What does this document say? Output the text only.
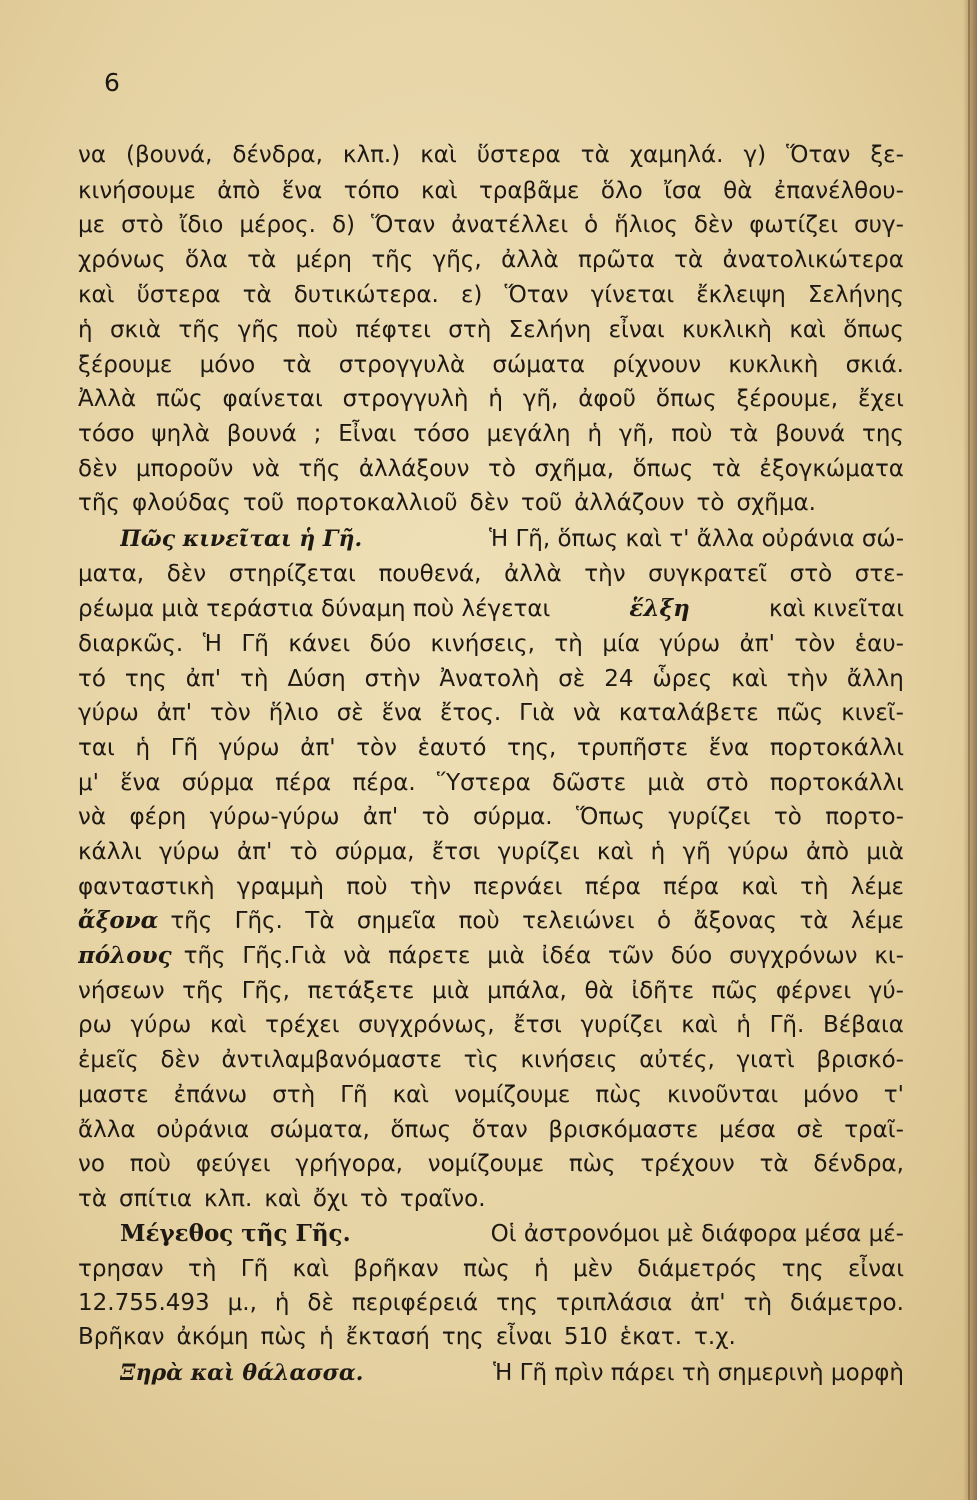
6
να (βουνά, δένδρα, κλπ.) καὶ ὕστερα τὰ χαμηλά. γ) Ὅταν ξε-
κινήσουμε ἀπὸ ἕνα τόπο καὶ τραβᾶμε ὅλο ἴσα θὰ ἐπανέλθου-
με στὸ ἴδιο μέρος. δ) Ὅταν ἀνατέλλει ὁ ἥλιος δὲν φωτίζει συγ-
χρόνως ὅλα τὰ μέρη τῆς γῆς, ἀλλὰ πρῶτα τὰ ἀνατολικώτερα
καὶ ὕστερα τὰ δυτικώτερα. ε) Ὅταν γίνεται ἔκλειψη Σελήνης
ἡ σκιὰ τῆς γῆς ποὺ πέφτει στὴ Σελήνη εἶναι κυκλικὴ καὶ ὅπως
ξέρουμε μόνο τὰ στρογγυλὰ σώματα ρίχνουν κυκλικὴ σκιά.
Ἀλλὰ πῶς φαίνεται στρογγυλὴ ἡ γῆ, ἀφοῦ ὅπως ξέρουμε, ἔχει
τόσο ψηλὰ βουνά ; Εἶναι τόσο μεγάλη ἡ γῆ, ποὺ τὰ βουνά της
δὲν μποροῦν νὰ τῆς ἀλλάξουν τὸ σχῆμα, ὅπως τὰ ἐξογκώματα
τῆς φλούδας τοῦ πορτοκαλλιοῦ δὲν τοῦ ἀλλάζουν τὸ σχῆμα.
Πῶς κινεῖται ἡ Γῆ.	Ἡ Γῆ, ὅπως καὶ τ' ἄλλα οὐράνια σώ-
ματα, δὲν στηρίζεται πουθενά, ἀλλὰ τὴν συγκρατεῖ στὸ στε-
ρέωμα μιὰ τεράστια δύναμη ποὺ λέγεται	ἕλξη	καὶ κινεῖται
διαρκῶς. Ἡ Γῆ κάνει δύο κινήσεις, τὴ μία γύρω ἀπ' τὸν ἑαυ-
τό της ἀπ' τὴ Δύση στὴν Ἀνατολὴ σὲ 24 ὧρες καὶ τὴν ἄλλη
γύρω ἀπ' τὸν ἥλιο σὲ ἕνα ἔτος. Γιὰ νὰ καταλάβετε πῶς κινεῖ-
ται ἡ Γῆ γύρω ἀπ' τὸν ἑαυτό της, τρυπῆστε ἕνα πορτοκάλλι
μ' ἕνα σύρμα πέρα πέρα. Ὕστερα δῶστε μιὰ στὸ πορτοκάλλι
νὰ φέρη γύρω-γύρω ἀπ' τὸ σύρμα. Ὅπως γυρίζει τὸ πορτο-
κάλλι γύρω ἀπ' τὸ σύρμα, ἔτσι γυρίζει καὶ ἡ γῆ γύρω ἀπὸ μιὰ
φανταστικὴ γραμμὴ ποὺ τὴν περνάει πέρα πέρα καὶ τὴ λέμε
ἄξονα τῆς Γῆς. Τὰ σημεῖα ποὺ τελειώνει ὁ ἄξονας τὰ λέμε
πόλους τῆς Γῆς.Γιὰ νὰ πάρετε μιὰ ἰδέα τῶν δύο συγχρόνων κι-
νήσεων τῆς Γῆς, πετάξετε μιὰ μπάλα, θὰ ἰδῆτε πῶς φέρνει γύ-
ρω γύρω καὶ τρέχει συγχρόνως, ἔτσι γυρίζει καὶ ἡ Γῆ. Βέβαια
ἐμεῖς δὲν ἀντιλαμβανόμαστε τὶς κινήσεις αὐτές, γιατὶ βρισκό-
μαστε ἐπάνω στὴ Γῆ καὶ νομίζουμε πὼς κινοῦνται μόνο τ'
ἄλλα οὐράνια σώματα, ὅπως ὅταν βρισκόμαστε μέσα σὲ τραῖ-
νο ποὺ φεύγει γρήγορα, νομίζουμε πὼς τρέχουν τὰ δένδρα,
τὰ σπίτια κλπ. καὶ ὄχι τὸ τραῖνο.
Μέγεθος τῆς Γῆς.	Οἱ ἀστρονόμοι μὲ διάφορα μέσα μέ-
τρησαν τὴ Γῆ καὶ βρῆκαν πὼς ἡ μὲν διάμετρός της εἶναι
12.755.493 μ., ἡ δὲ περιφέρειά της τριπλάσια ἀπ' τὴ διάμετρο.
Βρῆκαν ἀκόμη πὼς ἡ ἔκτασή της εἶναι 510 ἑκατ. τ.χ.
Ξηρὰ καὶ θάλασσα.	Ἡ Γῆ πρὶν πάρει τὴ σημερινὴ μορφὴ
